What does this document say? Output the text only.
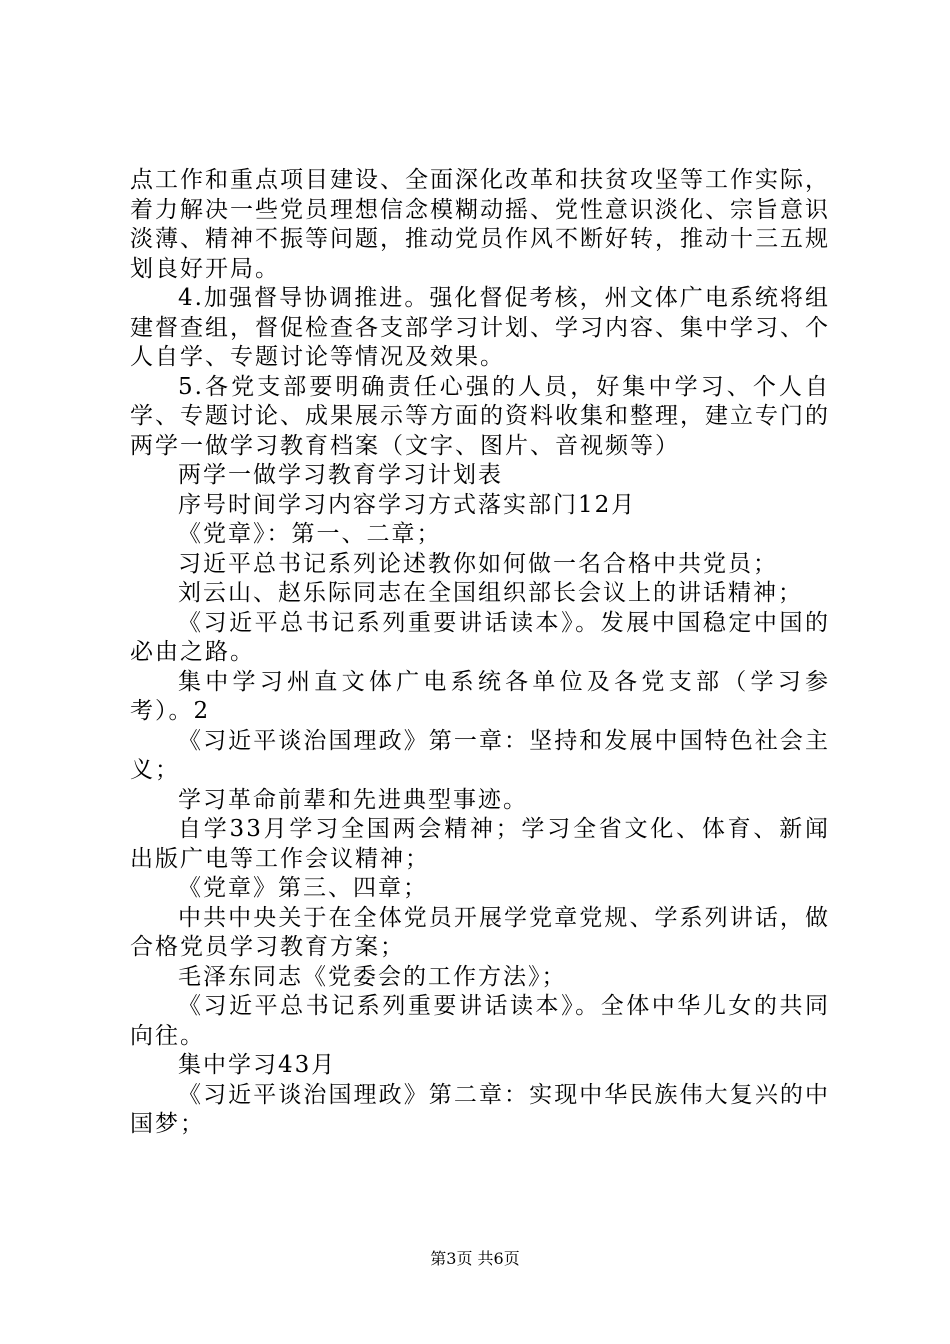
点工作和重点项目建设、全面深化改革和扶贫攻坚等工作实际，着力解决一些党员理想信念模糊动摇、党性意识淡化、宗旨意识淡薄、精神不振等问题，推动党员作风不断好转，推动十三五规划良好开局。

4.加强督导协调推进。强化督促考核，州文体广电系统将组建督查组，督促检查各支部学习计划、学习内容、集中学习、个人自学、专题讨论等情况及效果。

5.各党支部要明确责任心强的人员，好集中学习、个人自学、专题讨论、成果展示等方面的资料收集和整理，建立专门的两学一做学习教育档案（文字、图片、音视频等）

两学一做学习教育学习计划表

序号时间学习内容学习方式落实部门12月

《党章》：第一、二章；

习近平总书记系列论述教你如何做一名合格中共党员；

刘云山、赵乐际同志在全国组织部长会议上的讲话精神；

《习近平总书记系列重要讲话读本》。发展中国稳定中国的必由之路。

集中学习州直文体广电系统各单位及各党支部（学习参考）。2

《习近平谈治国理政》第一章：坚持和发展中国特色社会主义；

学习革命前辈和先进典型事迹。

自学33月学习全国两会精神；学习全省文化、体育、新闻出版广电等工作会议精神；

《党章》第三、四章；

中共中央关于在全体党员开展学党章党规、学系列讲话，做合格党员学习教育方案；

毛泽东同志《党委会的工作方法》；

《习近平总书记系列重要讲话读本》。全体中华儿女的共同向往。

集中学习43月

《习近平谈治国理政》第二章：实现中华民族伟大复兴的中国梦；

第3页 共6页
